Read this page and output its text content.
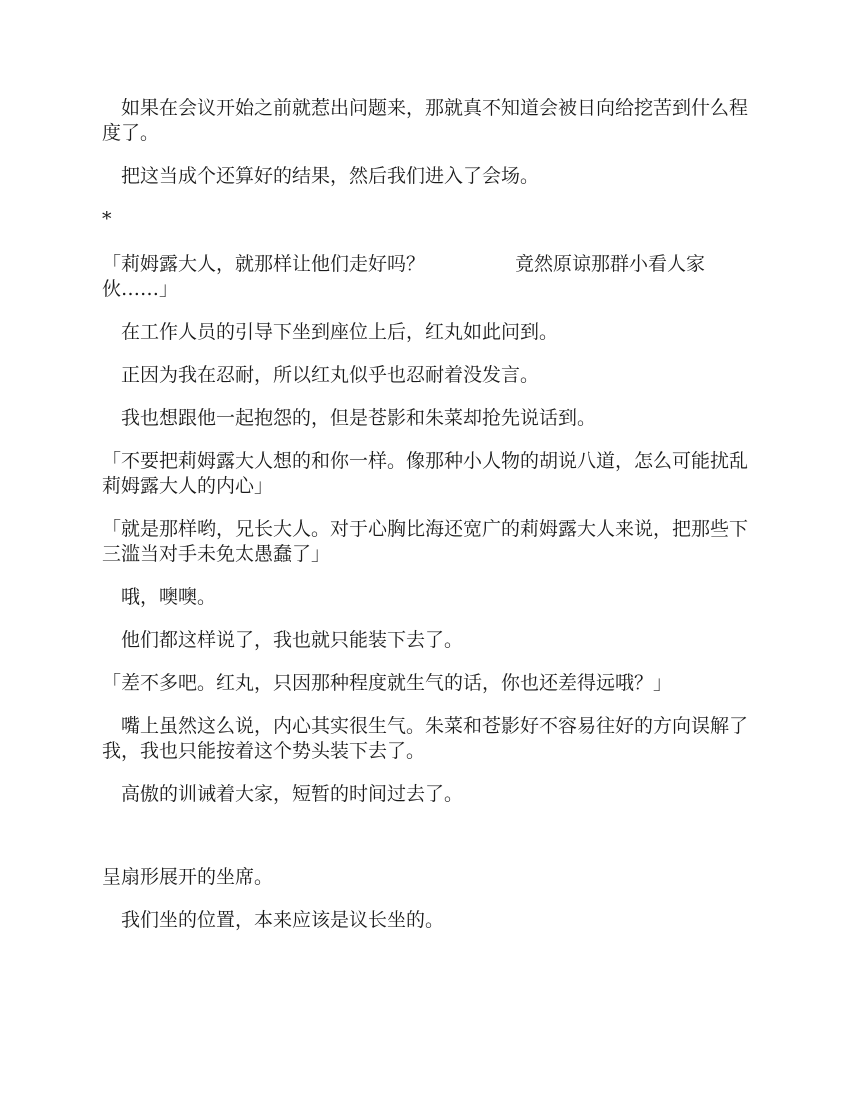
如果在会议开始之前就惹出问题来，那就真不知道会被日向给挖苦到什么程度了。

把这当成个还算好的结果，然后我们进入了会场。

*

「莉姆露大人，就那样让他们走好吗？	竟然原谅那群小看人家伙……」

在工作人员的引导下坐到座位上后，红丸如此问到。

正因为我在忍耐，所以红丸似乎也忍耐着没发言。

我也想跟他一起抱怨的，但是苍影和朱菜却抢先说话到。

「不要把莉姆露大人想的和你一样。像那种小人物的胡说八道，怎么可能扰乱莉姆露大人的内心」

「就是那样哟，兄长大人。对于心胸比海还宽广的莉姆露大人来说，把那些下三滥当对手未免太愚蠢了」

哦，噢噢。

他们都这样说了，我也就只能装下去了。

「差不多吧。红丸，只因那种程度就生气的话，你也还差得远哦？」

嘴上虽然这么说，内心其实很生气。朱菜和苍影好不容易往好的方向误解了我，我也只能按着这个势头装下去了。

高傲的训诫着大家，短暂的时间过去了。

呈扇形展开的坐席。

我们坐的位置，本来应该是议长坐的。
